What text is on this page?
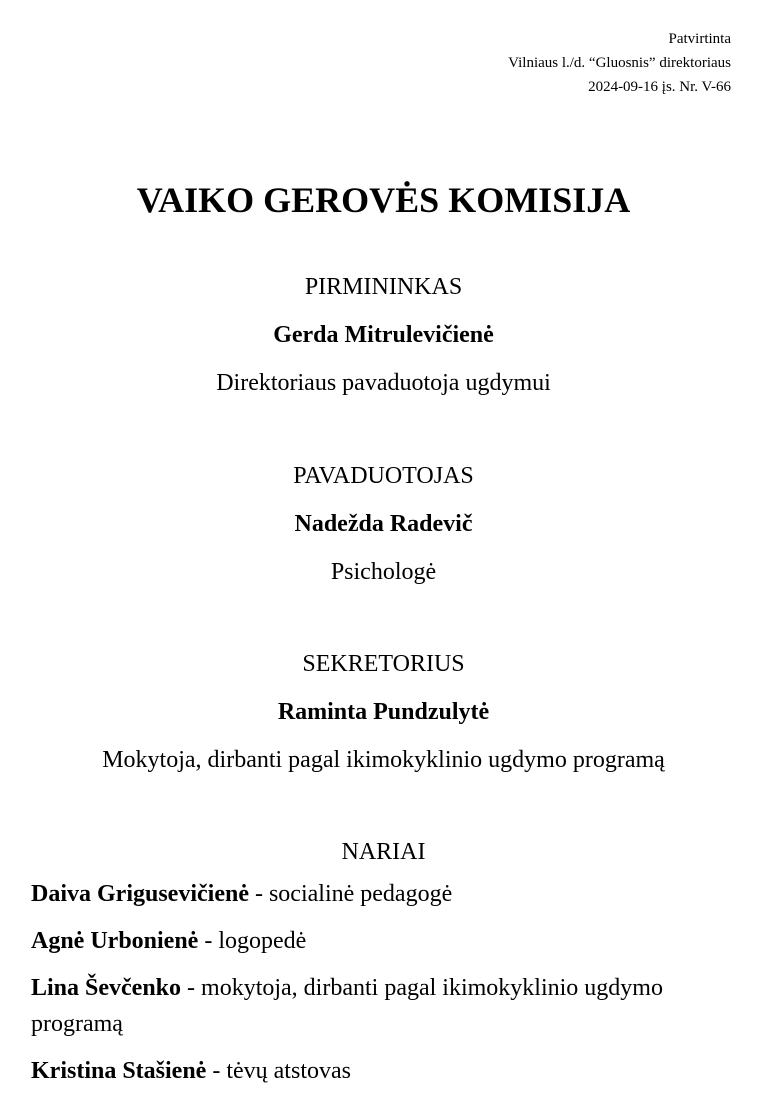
Patvirtinta
Vilniaus l./d. “Gluosnis” direktoriaus
2024-09-16 įs. Nr. V-66
VAIKO GEROVĖS KOMISIJA
PIRMININKAS
Gerda Mitrulevičienė
Direktoriaus pavaduotoja ugdymui
PAVADUOTOJAS
Nadežda Radevič
Psichologė
SEKRETORIUS
Raminta Pundzulytė
Mokytoja, dirbanti pagal ikimokyklinio ugdymo programą
NARIAI
Daiva Grigusevičienė - socialinė pedagogė
Agnė Urbonienė - logopedė
Lina Ševčenko - mokytoja, dirbanti pagal ikimokyklinio ugdymo programą
Kristina Stašienė - tėvų atstovas
